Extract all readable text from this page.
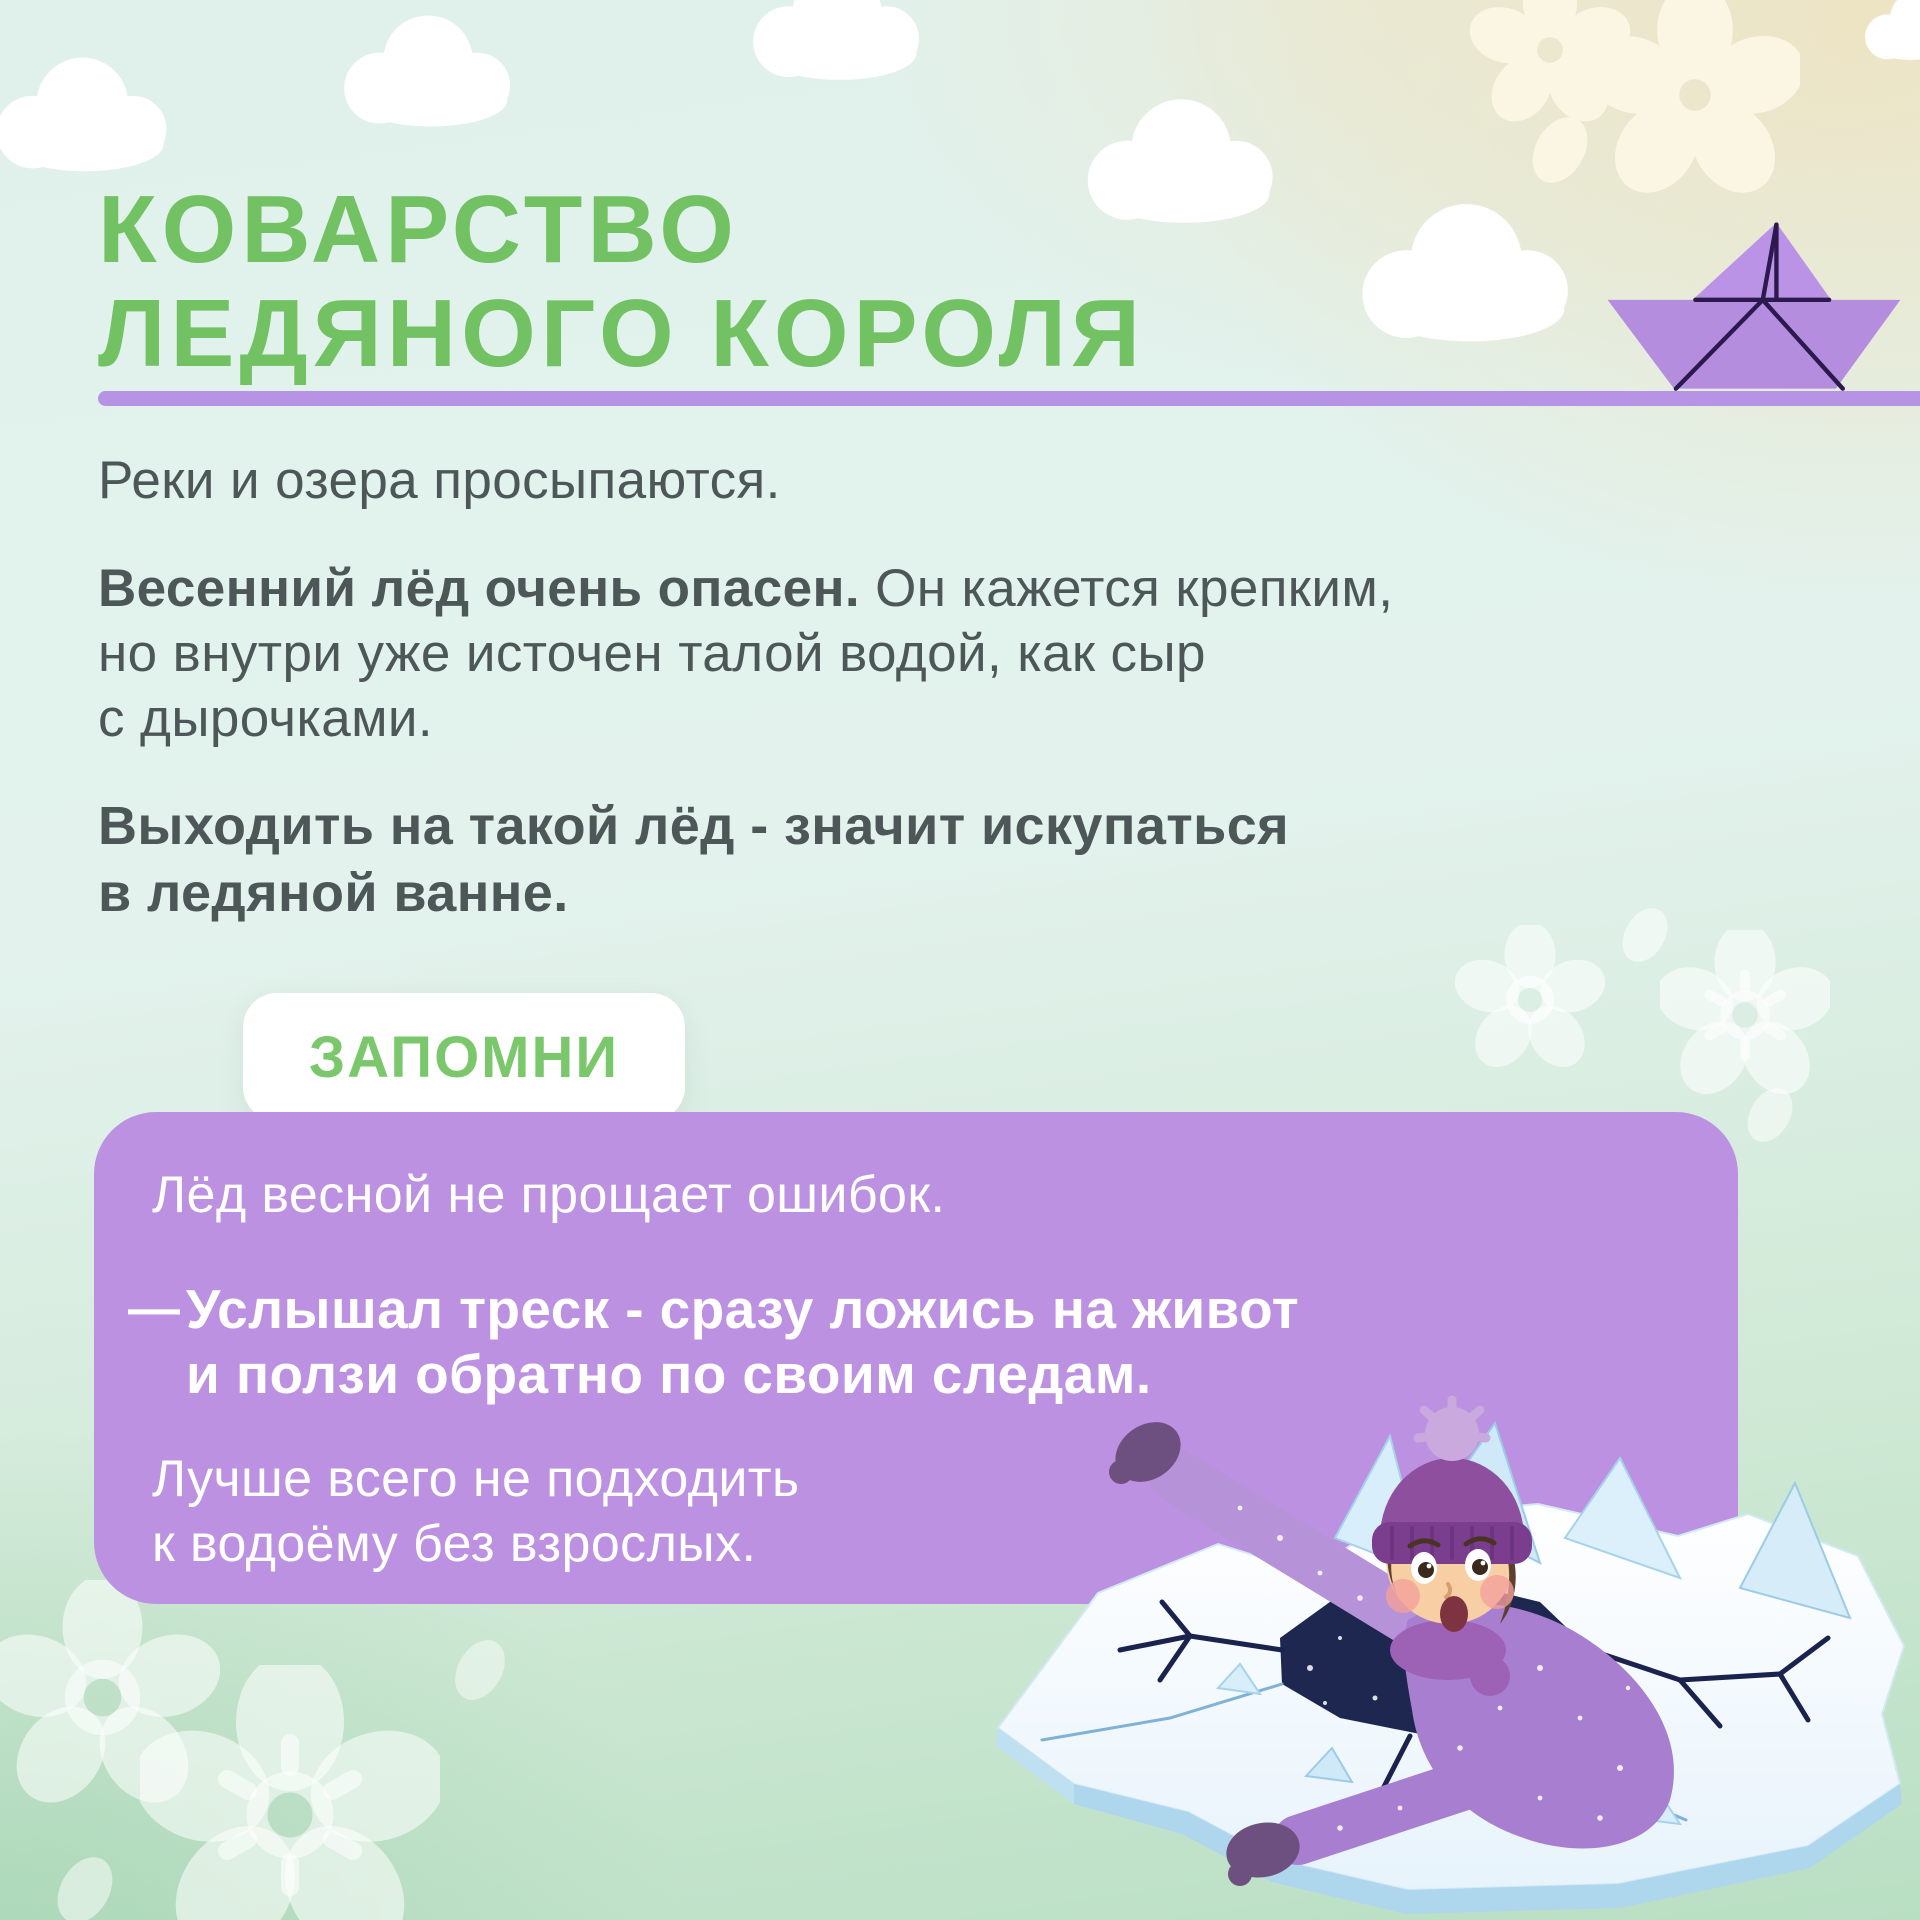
КОВАРСТВО
ЛЕДЯНОГО КОРОЛЯ
Реки и озера просыпаются.
Весенний лёд очень опасен. Он кажется крепким,
но внутри уже источен талой водой, как сыр
с дырочками.
Выходить на такой лёд - значит искупаться
в ледяной ванне.
ЗАПОМНИ
Лёд весной не прощает ошибок.
— Услышал треск - сразу ложись на живот
и ползи обратно по своим следам.
Лучше всего не подходить
к водоёму без взрослых.
